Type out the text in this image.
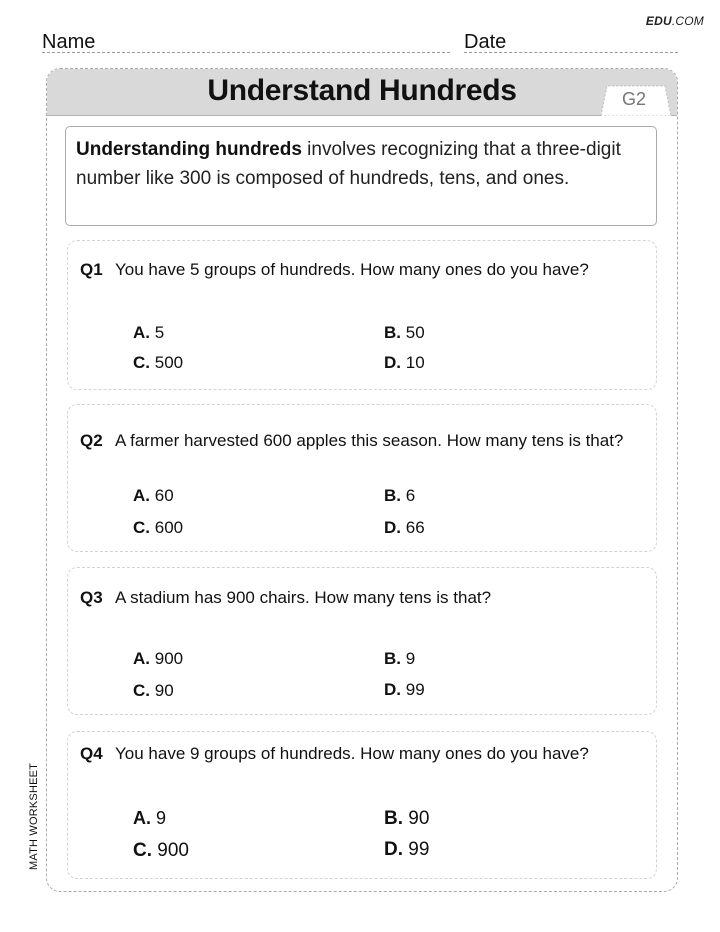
EDU.COM
Name	Date
MATH WORKSHEET
Understand Hundreds	G2
Understanding hundreds involves recognizing that a three-digit number like 300 is composed of hundreds, tens, and ones.
Q1 You have 5 groups of hundreds. How many ones do you have?
A. 5	B. 50
C. 500	D. 10
Q2 A farmer harvested 600 apples this season. How many tens is that?
A. 60	B. 6
C. 600	D. 66
Q3 A stadium has 900 chairs. How many tens is that?
A. 900	B. 9
C. 90	D. 99
Q4 You have 9 groups of hundreds. How many ones do you have?
A. 9	B. 90
C. 900	D. 99
